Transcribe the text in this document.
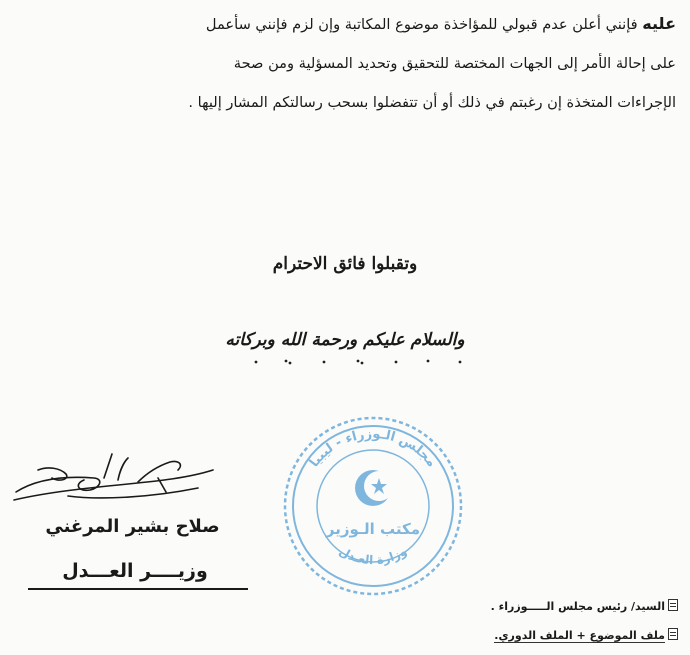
عليه فإنني أعلن عدم قبولي للمؤاخذة موضوع المكاتبة وإن لزم فإنني سأعمل

على إحالة الأمر إلى الجهات المختصة للتحقيق وتحديد المسؤلية ومن صحة

الإجراءات المتخذة إن رغبتم في ذلك أو أن تتفضلوا بسحب رسالتكم المشار إليها .

وتقبلوا فائق الاحترام
والسلام عليكم ورحمة الله وبركاته
صلاح بشير المرغني
وزيــــر العـــدل
مجلس الـوزراء - ليبيا
وزارة العـدل
مكتب الـوزير
السيد/ رئيس مجلس الـــــوزراء .
ملف الموضوع + الملف الدوري.
